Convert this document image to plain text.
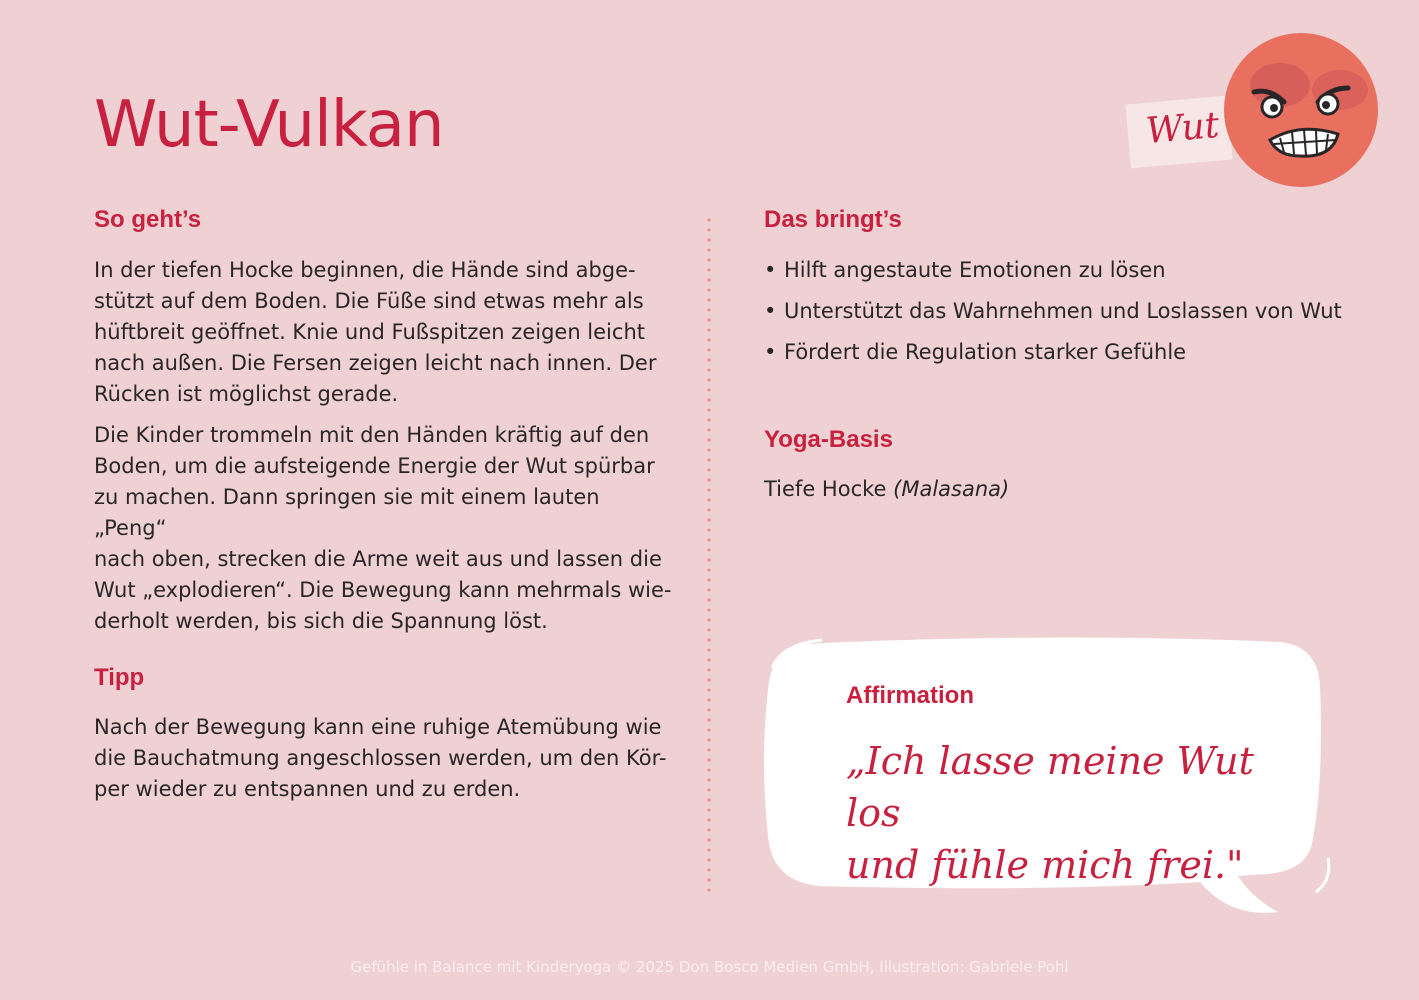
Wut-Vulkan	Wut
So geht’s
In der tiefen Hocke beginnen, die Hände sind abge-
stützt auf dem Boden. Die Füße sind etwas mehr als
hüftbreit geöffnet. Knie und Fußspitzen zeigen leicht
nach außen. Die Fersen zeigen leicht nach innen. Der
Rücken ist möglichst gerade.
Die Kinder trommeln mit den Händen kräftig auf den
Boden, um die aufsteigende Energie der Wut spürbar
zu machen. Dann springen sie mit einem lauten „Peng“
nach oben, strecken die Arme weit aus und lassen die
Wut „explodieren“. Die Bewegung kann mehrmals wie-
derholt werden, bis sich die Spannung löst.
Tipp
Nach der Bewegung kann eine ruhige Atemübung wie
die Bauchatmung angeschlossen werden, um den Kör-
per wieder zu entspannen und zu erden.
Das bringt’s
• Hilft angestaute Emotionen zu lösen
• Unterstützt das Wahrnehmen und Loslassen von Wut
• Fördert die Regulation starker Gefühle
Yoga-Basis
Tiefe Hocke (Malasana)
Affirmation
„Ich lasse meine Wut los
und fühle mich frei."
Gefühle in Balance mit Kinderyoga © 2025 Don Bosco Medien GmbH, Illustration: Gabriele Pohl
